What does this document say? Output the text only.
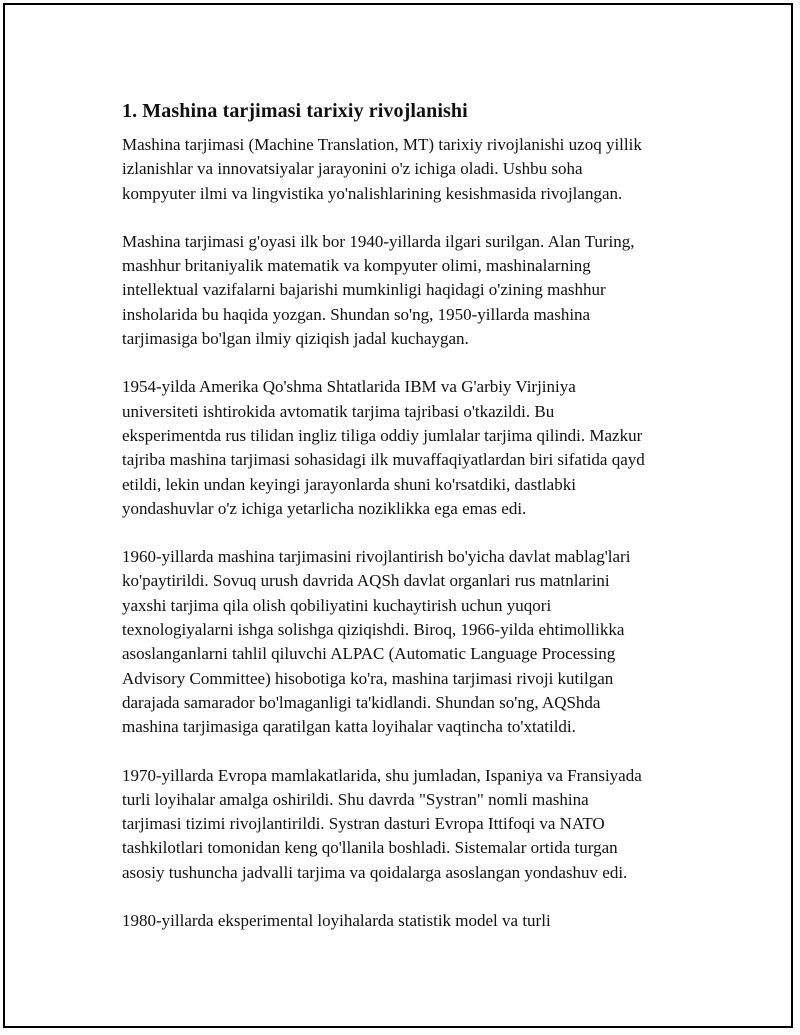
1. Mashina tarjimasi tarixiy rivojlanishi

Mashina tarjimasi (Machine Translation, MT) tarixiy rivojlanishi uzoq yillik
izlanishlar va innovatsiyalar jarayonini o'z ichiga oladi. Ushbu soha
kompyuter ilmi va lingvistika yo'nalishlarining kesishmasida rivojlangan.

Mashina tarjimasi g'oyasi ilk bor 1940-yillarda ilgari surilgan. Alan Turing,
mashhur britaniyalik matematik va kompyuter olimi, mashinalarning
intellektual vazifalarni bajarishi mumkinligi haqidagi o'zining mashhur
insholarida bu haqida yozgan. Shundan so'ng, 1950-yillarda mashina
tarjimasiga bo'lgan ilmiy qiziqish jadal kuchaygan.

1954-yilda Amerika Qo'shma Shtatlarida IBM va G'arbiy Virjiniya
universiteti ishtirokida avtomatik tarjima tajribasi o'tkazildi. Bu
eksperimentda rus tilidan ingliz tiliga oddiy jumlalar tarjima qilindi. Mazkur
tajriba mashina tarjimasi sohasidagi ilk muvaffaqiyatlardan biri sifatida qayd
etildi, lekin undan keyingi jarayonlarda shuni ko'rsatdiki, dastlabki
yondashuvlar o'z ichiga yetarlicha noziklikka ega emas edi.

1960-yillarda mashina tarjimasini rivojlantirish bo'yicha davlat mablag'lari
ko'paytirildi. Sovuq urush davrida AQSh davlat organlari rus matnlarini
yaxshi tarjima qila olish qobiliyatini kuchaytirish uchun yuqori
texnologiyalarni ishga solishga qiziqishdi. Biroq, 1966-yilda ehtimollikka
asoslanganlarni tahlil qiluvchi ALPAC (Automatic Language Processing
Advisory Committee) hisobotiga ko'ra, mashina tarjimasi rivoji kutilgan
darajada samarador bo'lmaganligi ta'kidlandi. Shundan so'ng, AQShda
mashina tarjimasiga qaratilgan katta loyihalar vaqtincha to'xtatildi.

1970-yillarda Evropa mamlakatlarida, shu jumladan, Ispaniya va Fransiyada
turli loyihalar amalga oshirildi. Shu davrda "Systran" nomli mashina
tarjimasi tizimi rivojlantirildi. Systran dasturi Evropa Ittifoqi va NATO
tashkilotlari tomonidan keng qo'llanila boshladi. Sistemalar ortida turgan
asosiy tushuncha jadvalli tarjima va qoidalarga asoslangan yondashuv edi.

1980-yillarda eksperimental loyihalarda statistik model va turli
